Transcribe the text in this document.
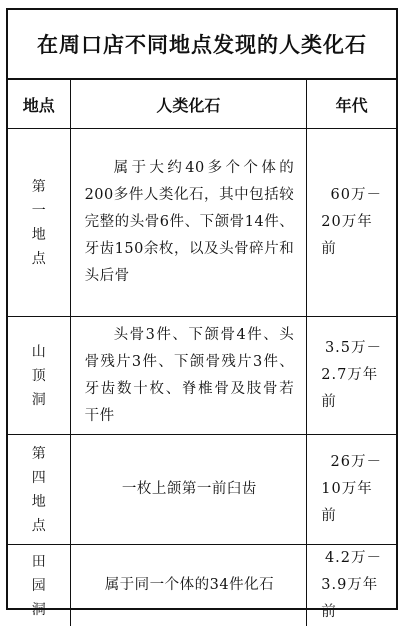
在周口店不同地点发现的人类化石
地点	人类化石	年代

第一地点	属于大约40多个个体的200多件人类化石，其中包括较完整的头骨6件、下颌骨14件、牙齿150余枚，以及头骨碎片和头后骨	60万－
20万年前

山顶洞	头骨3件、下颌骨4件、头骨残片3件、下颌骨残片3件、牙齿数十枚、脊椎骨及肢骨若干件	3.5万－
2.7万年前

第四地点	一枚上颌第一前臼齿	26万－
10万年前

田园洞	属于同一个体的34件化石	4.2万－
3.9万年前
